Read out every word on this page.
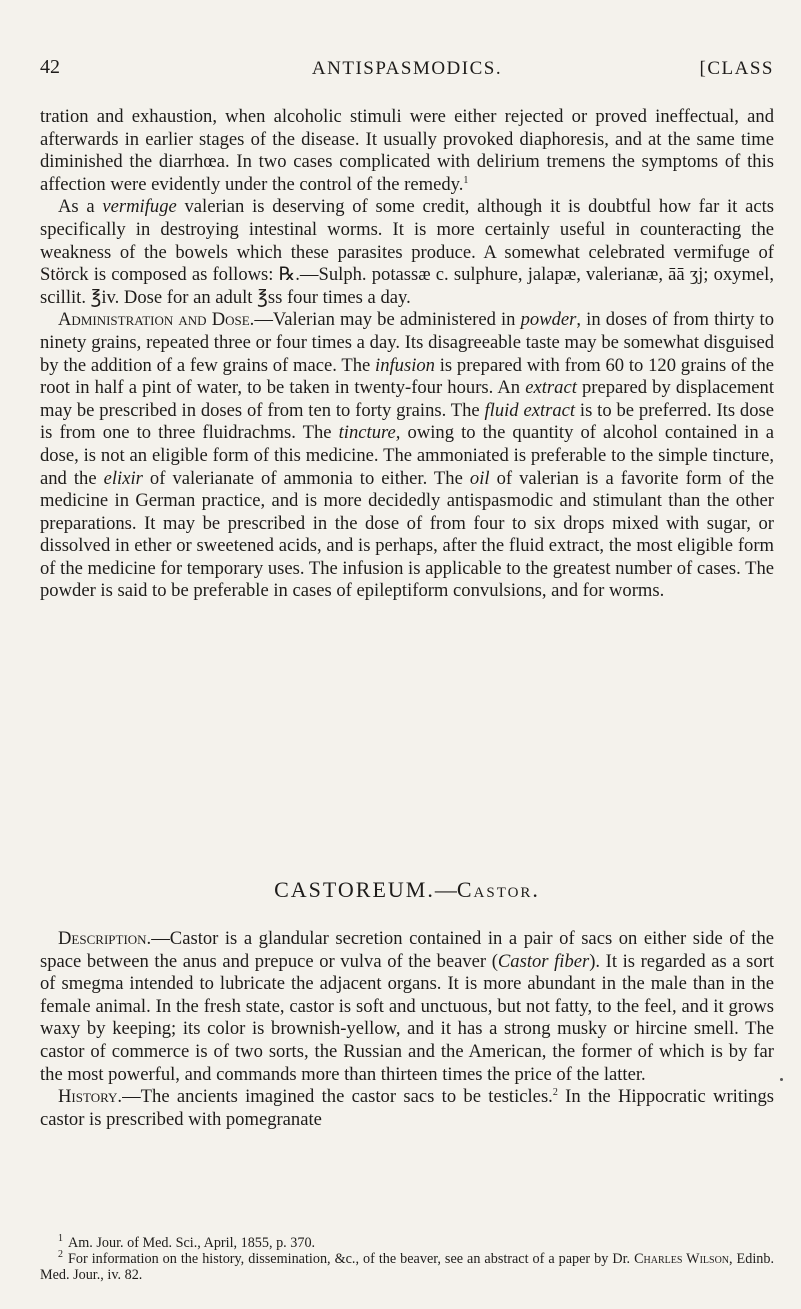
42	ANTISPASMODICS.	[CLASS

tration and exhaustion, when alcoholic stimuli were either rejected or proved ineffectual, and afterwards in earlier stages of the disease. It usually provoked diaphoresis, and at the same time diminished the diarrhœa. In two cases complicated with delirium tremens the symptoms of this affection were evidently under the control of the remedy.$^1$

As a vermifuge valerian is deserving of some credit, although it is doubtful how far it acts specifically in destroying intestinal worms. It is more certainly useful in counteracting the weakness of the bowels which these parasites produce. A somewhat celebrated vermifuge of Störck is composed as follows: ℞.—Sulph. potassæ c. sulphure, jalapæ, valerianæ, āā ʒj; oxymel, scillit. ℥iv. Dose for an adult ℥ss four times a day.

Administration and Dose.—Valerian may be administered in powder, in doses of from thirty to ninety grains, repeated three or four times a day. Its disagreeable taste may be somewhat disguised by the addition of a few grains of mace. The infusion is prepared with from 60 to 120 grains of the root in half a pint of water, to be taken in twenty-four hours. An extract prepared by displacement may be prescribed in doses of from ten to forty grains. The fluid extract is to be preferred. Its dose is from one to three fluidrachms. The tincture, owing to the quantity of alcohol contained in a dose, is not an eligible form of this medicine. The ammoniated is preferable to the simple tincture, and the elixir of valerianate of ammonia to either. The oil of valerian is a favorite form of the medicine in German practice, and is more decidedly antispasmodic and stimulant than the other preparations. It may be prescribed in the dose of from four to six drops mixed with sugar, or dissolved in ether or sweetened acids, and is perhaps, after the fluid extract, the most eligible form of the medicine for temporary uses. The infusion is applicable to the greatest number of cases. The powder is said to be preferable in cases of epileptiform convulsions, and for worms.

CASTOREUM.—Castor.

Description.—Castor is a glandular secretion contained in a pair of sacs on either side of the space between the anus and prepuce or vulva of the beaver (Castor fiber). It is regarded as a sort of smegma intended to lubricate the adjacent organs. It is more abundant in the male than in the female animal. In the fresh state, castor is soft and unctuous, but not fatty, to the feel, and it grows waxy by keeping; its color is brownish-yellow, and it has a strong musky or hircine smell. The castor of commerce is of two sorts, the Russian and the American, the former of which is by far the most powerful, and commands more than thirteen times the price of the latter.

History.—The ancients imagined the castor sacs to be testicles.$^2$ In the Hippocratic writings castor is prescribed with pomegranate

$^1$ Am. Jour. of Med. Sci., April, 1855, p. 370.

$^2$ For information on the history, dissemination, &c., of the beaver, see an abstract of a paper by Dr. Charles Wilson, Edinb. Med. Jour., iv. 82.
